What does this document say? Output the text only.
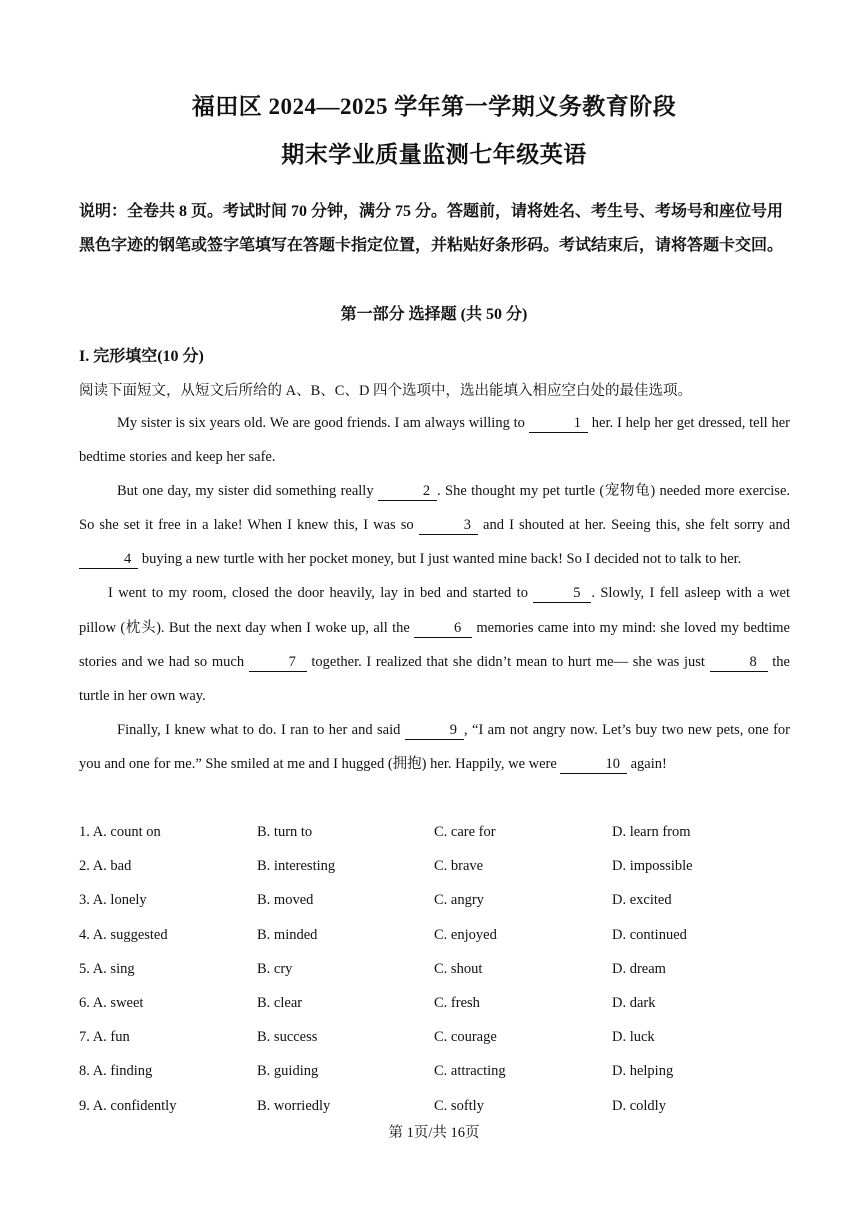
福田区 2024—2025 学年第一学期义务教育阶段
期末学业质量监测七年级英语
说明：全卷共 8 页。考试时间 70 分钟，满分 75 分。答题前，请将姓名、考生号、考场号和座位号用黑色字迹的钢笔或签字笔填写在答题卡指定位置，并粘贴好条形码。考试结束后，请将答题卡交回。
第一部分 选择题 (共 50 分)
I. 完形填空(10 分)
阅读下面短文，从短文后所给的 A、B、C、D 四个选项中，选出能填入相应空白处的最佳选项。

My sister is six years old. We are good friends. I am always willing to	1 her. I help her get dressed, tell her bedtime stories and keep her safe.

But one day, my sister did something really	2 . She thought my pet turtle (宠物龟) needed more exercise. So she set it free in a lake! When I knew this, I was so	3 and I shouted at her. Seeing this, she felt sorry and 4 buying a new turtle with her pocket money, but I just wanted mine back! So I decided not to talk to her.

I went to my room, closed the door heavily, lay in bed and started to	5 . Slowly, I fell asleep with a wet pillow (枕头). But the next day when I woke up, all the	6 memories came into my mind: she loved my bedtime stories and we had so much	7 together. I realized that she didn’t mean to hurt me— she was just	8 the turtle in her own way.

Finally, I knew what to do. I ran to her and said	9 , “I am not angry now. Let’s buy two new pets, one for you and one for me.” She smiled at me and I hugged (拥抱) her. Happily, we were	10 again!

1. A. count on	B. turn to	C. care for	D. learn from
2. A. bad	B. interesting	C. brave	D. impossible
3. A. lonely	B. moved	C. angry	D. excited
4. A. suggested	B. minded	C. enjoyed	D. continued
5. A. sing	B. cry	C. shout	D. dream
6. A. sweet	B. clear	C. fresh	D. dark
7. A. fun	B. success	C. courage	D. luck
8. A. finding	B. guiding	C. attracting	D. helping
9. A. confidently	B. worriedly	C. softly	D. coldly
第 1页/共 16页
